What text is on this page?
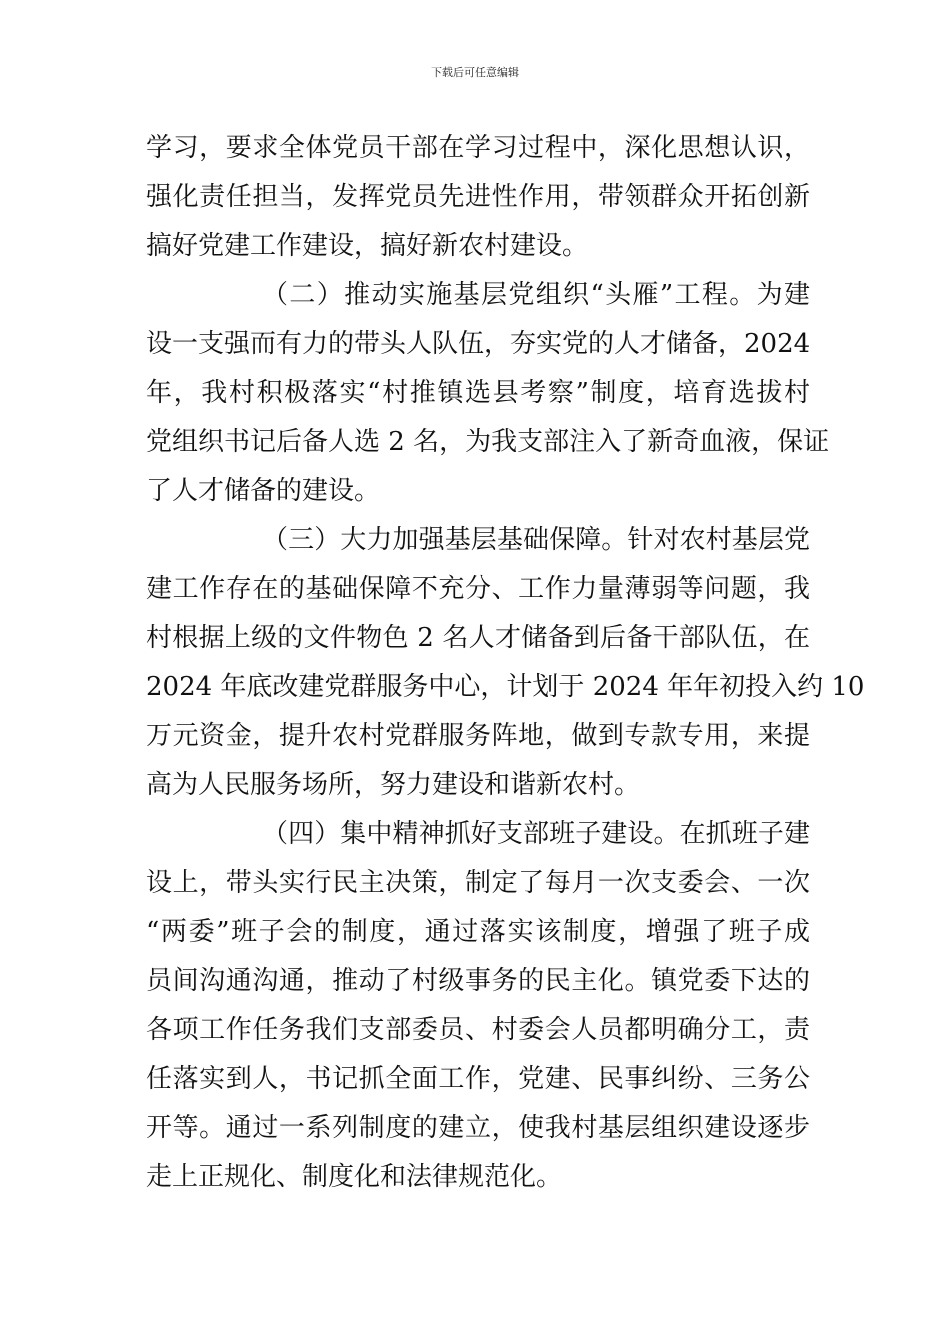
下载后可任意编辑
学习，要求全体党员干部在学习过程中，深化思想认识，
强化责任担当，发挥党员先进性作用，带领群众开拓创新
搞好党建工作建设，搞好新农村建设。
（二）推动实施基层党组织“头雁”工程。为建
设一支强而有力的带头人队伍，夯实党的人才储备，2024
年，我村积极落实“村推镇选县考察”制度，培育选拔村
党组织书记后备人选 2 名，为我支部注入了新奇血液，保证
了人才储备的建设。
（三）大力加强基层基础保障。针对农村基层党
建工作存在的基础保障不充分、工作力量薄弱等问题，我
村根据上级的文件物色 2 名人才储备到后备干部队伍，在
2024 年底改建党群服务中心，计划于 2024 年年初投入约 10
万元资金，提升农村党群服务阵地，做到专款专用，来提
高为人民服务场所，努力建设和谐新农村。
（四）集中精神抓好支部班子建设。在抓班子建
设上，带头实行民主决策，制定了每月一次支委会、一次
“两委”班子会的制度，通过落实该制度，增强了班子成
员间沟通沟通，推动了村级事务的民主化。镇党委下达的
各项工作任务我们支部委员、村委会人员都明确分工，责
任落实到人，书记抓全面工作，党建、民事纠纷、三务公
开等。通过一系列制度的建立，使我村基层组织建设逐步
走上正规化、制度化和法律规范化。
